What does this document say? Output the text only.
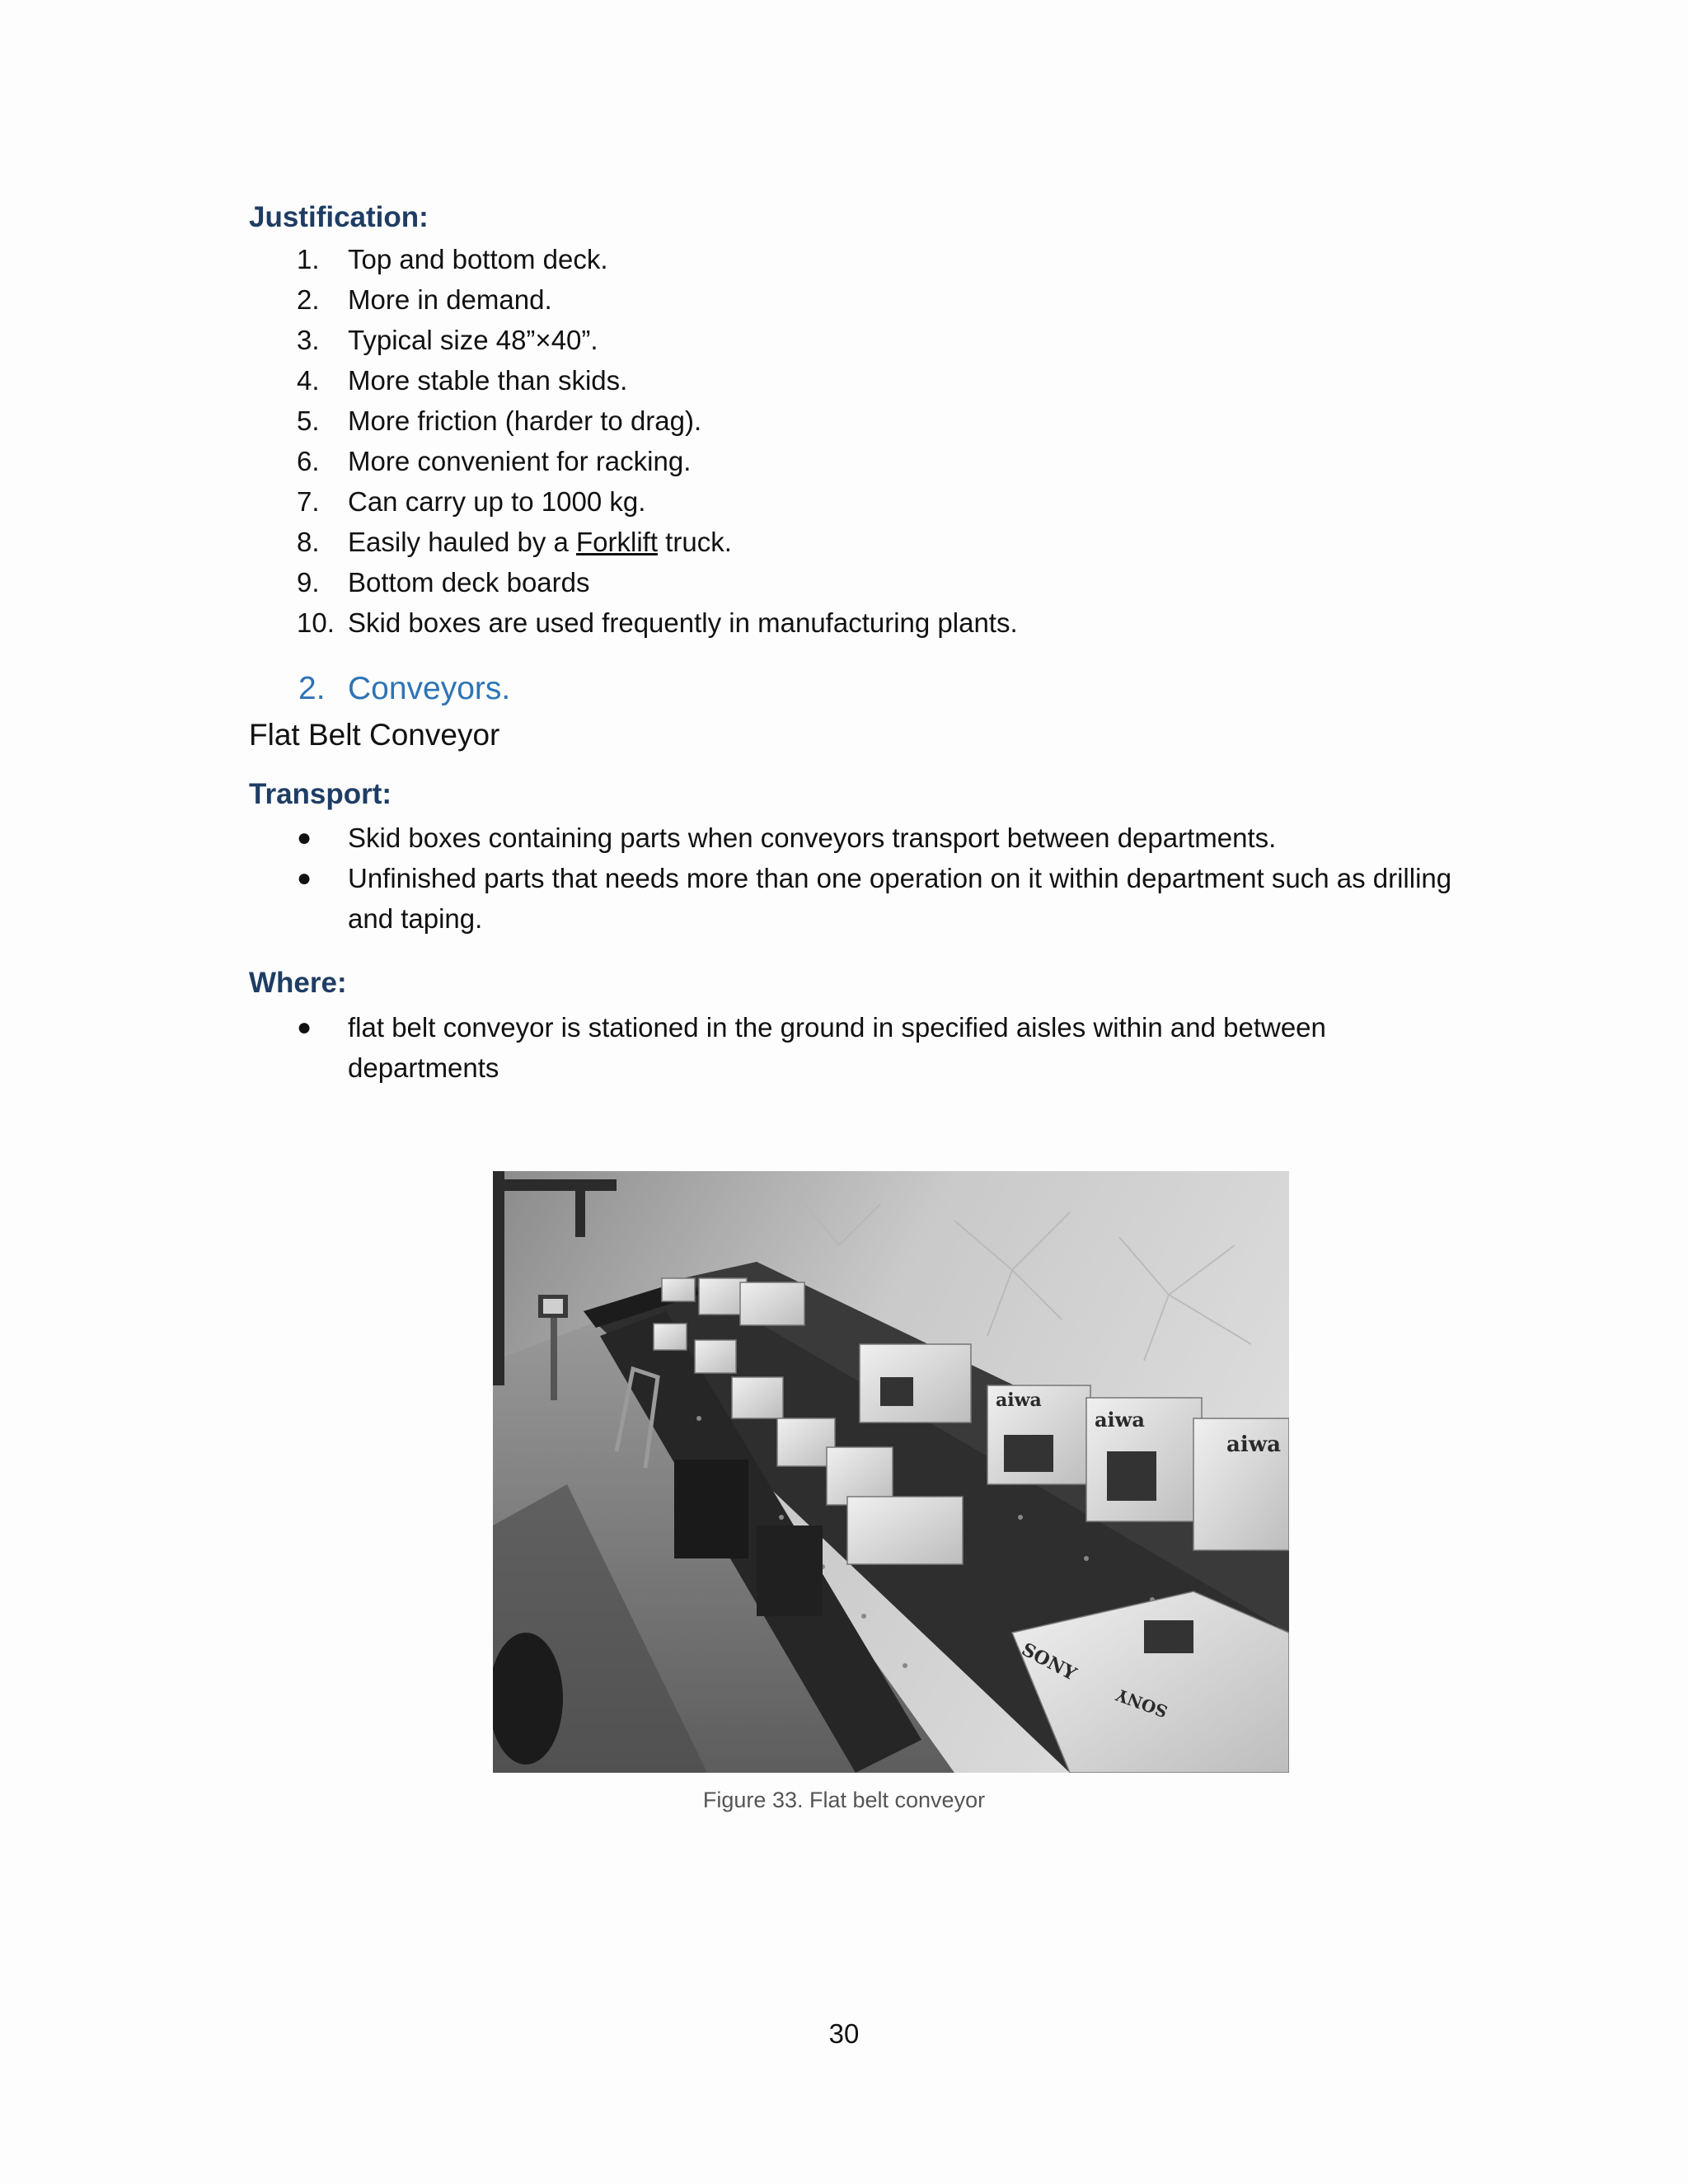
Justification:
1. Top and bottom deck.
2. More in demand.
3. Typical size 48”×40”.
4. More stable than skids.
5. More friction (harder to drag).
6. More convenient for racking.
7. Can carry up to 1000 kg.
8. Easily hauled by a Forklift truck.
9. Bottom deck boards
10. Skid boxes are used frequently in manufacturing plants.
2. Conveyors.
Flat Belt Conveyor
Transport:
● Skid boxes containing parts when conveyors transport between departments.
● Unfinished parts that needs more than one operation on it within department such as drilling and taping.
Where:
● flat belt conveyor is stationed in the ground in specified aisles within and between departments
aiwa
aiwa
aiwa
SONY
SONY
Figure 33. Flat belt conveyor
30
